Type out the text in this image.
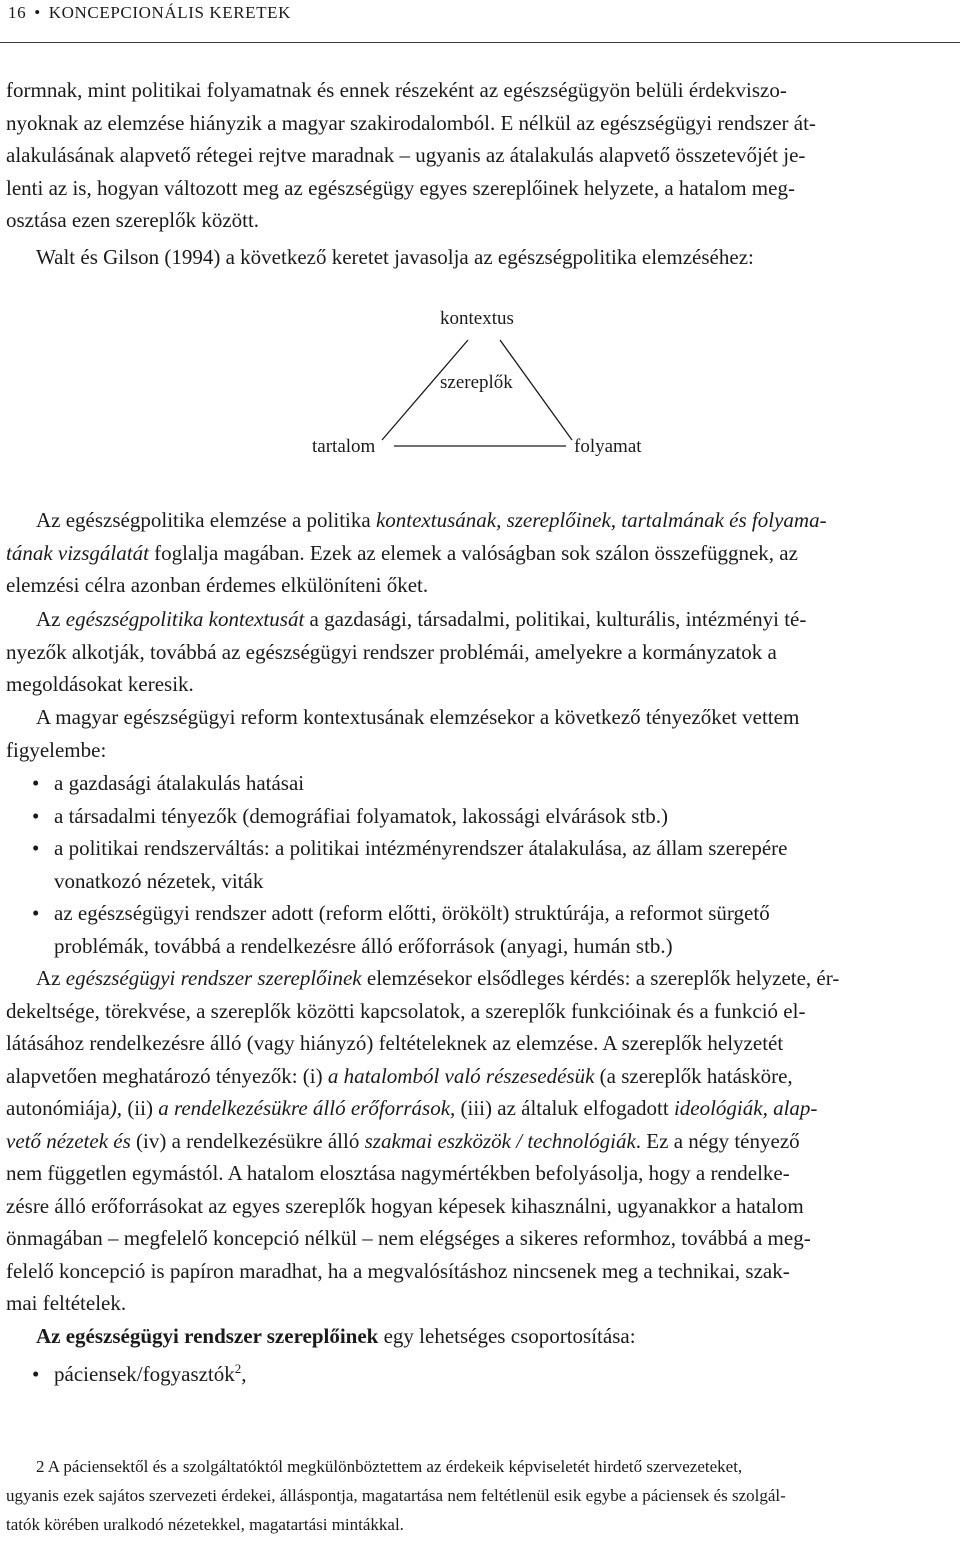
16 • KONCEPCIONÁLIS KERETEK
formnak, mint politikai folyamatnak és ennek részeként az egészségügyön belüli érdekviszo-
nyoknak az elemzése hiányzik a magyar szakirodalomból. E nélkül az egészségügyi rendszer át-
alakulásának alapvető rétegei rejtve maradnak – ugyanis az átalakulás alapvető összetevőjét je-
lenti az is, hogyan változott meg az egészségügy egyes szereplőinek helyzete, a hatalom meg-
osztása ezen szereplők között.
Walt és Gilson (1994) a következő keretet javasolja az egészségpolitika elemzéséhez:
kontextus
szereplők
tartalom	folyamat
Az egészségpolitika elemzése a politika kontextusának, szereplőinek, tartalmának és folyama-
tának vizsgálatát foglalja magában. Ezek az elemek a valóságban sok szálon összefüggnek, az
elemzési célra azonban érdemes elkülöníteni őket.
Az egészségpolitika kontextusát a gazdasági, társadalmi, politikai, kulturális, intézményi té-
nyezők alkotják, továbbá az egészségügyi rendszer problémái, amelyekre a kormányzatok a
megoldásokat keresik.
A magyar egészségügyi reform kontextusának elemzésekor a következő tényezőket vettem
figyelembe:
• a gazdasági átalakulás hatásai
• a társadalmi tényezők (demográfiai folyamatok, lakossági elvárások stb.)
• a politikai rendszerváltás: a politikai intézményrendszer átalakulása, az állam szerepére
vonatkozó nézetek, viták
• az egészségügyi rendszer adott (reform előtti, örökölt) struktúrája, a reformot sürgető
problémák, továbbá a rendelkezésre álló erőforrások (anyagi, humán stb.)
Az egészségügyi rendszer szereplőinek elemzésekor elsődleges kérdés: a szereplők helyzete, ér-
dekeltsége, törekvése, a szereplők közötti kapcsolatok, a szereplők funkcióinak és a funkció el-
látásához rendelkezésre álló (vagy hiányzó) feltételeknek az elemzése. A szereplők helyzetét
alapvetően meghatározó tényezők: (i) a hatalomból való részesedésük (a szereplők hatásköre,
autonómiája), (ii) a rendelkezésükre álló erőforrások, (iii) az általuk elfogadott ideológiák, alap-
vető nézetek és (iv) a rendelkezésükre álló szakmai eszközök / technológiák. Ez a négy tényező
nem független egymástól. A hatalom elosztása nagymértékben befolyásolja, hogy a rendelke-
zésre álló erőforrásokat az egyes szereplők hogyan képesek kihasználni, ugyanakkor a hatalom
önmagában – megfelelő koncepció nélkül – nem elégséges a sikeres reformhoz, továbbá a meg-
felelő koncepció is papíron maradhat, ha a megvalósításhoz nincsenek meg a technikai, szak-
mai feltételek.
Az egészségügyi rendszer szereplőinek egy lehetséges csoportosítása:
• páciensek/fogyasztók$^2$,
2 A páciensektől és a szolgáltatóktól megkülönböztettem az érdekeik képviseletét hirdető szervezeteket,
ugyanis ezek sajátos szervezeti érdekei, álláspontja, magatartása nem feltétlenül esik egybe a páciensek és szolgál-
tatók körében uralkodó nézetekkel, magatartási mintákkal.
